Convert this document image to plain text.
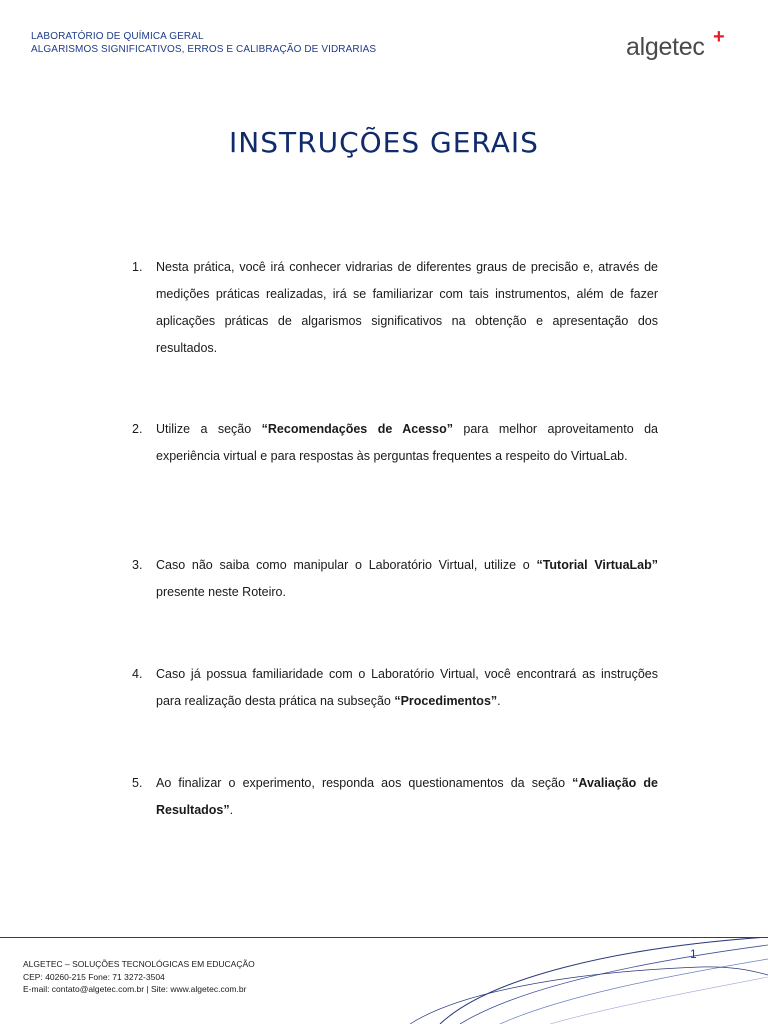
LABORATÓRIO DE QUÍMICA GERAL
ALGARISMOS SIGNIFICATIVOS, ERROS E CALIBRAÇÃO DE VIDRARIAS	algetec +
INSTRUÇÕES GERAIS
1. Nesta prática, você irá conhecer vidrarias de diferentes graus de precisão e, através de medições práticas realizadas, irá se familiarizar com tais instrumentos, além de fazer aplicações práticas de algarismos significativos na obtenção e apresentação dos resultados.
2. Utilize a seção “Recomendações de Acesso” para melhor aproveitamento da experiência virtual e para respostas às perguntas frequentes a respeito do VirtuaLab.
3. Caso não saiba como manipular o Laboratório Virtual, utilize o “Tutorial VirtuaLab” presente neste Roteiro.
4. Caso já possua familiaridade com o Laboratório Virtual, você encontrará as instruções para realização desta prática na subseção “Procedimentos”.
5. Ao finalizar o experimento, responda aos questionamentos da seção “Avaliação de Resultados”.
1
ALGETEC – SOLUÇÕES TECNOLÓGICAS EM EDUCAÇÃO
CEP: 40260-215 Fone: 71 3272-3504
E-mail: contato@algetec.com.br | Site: www.algetec.com.br
